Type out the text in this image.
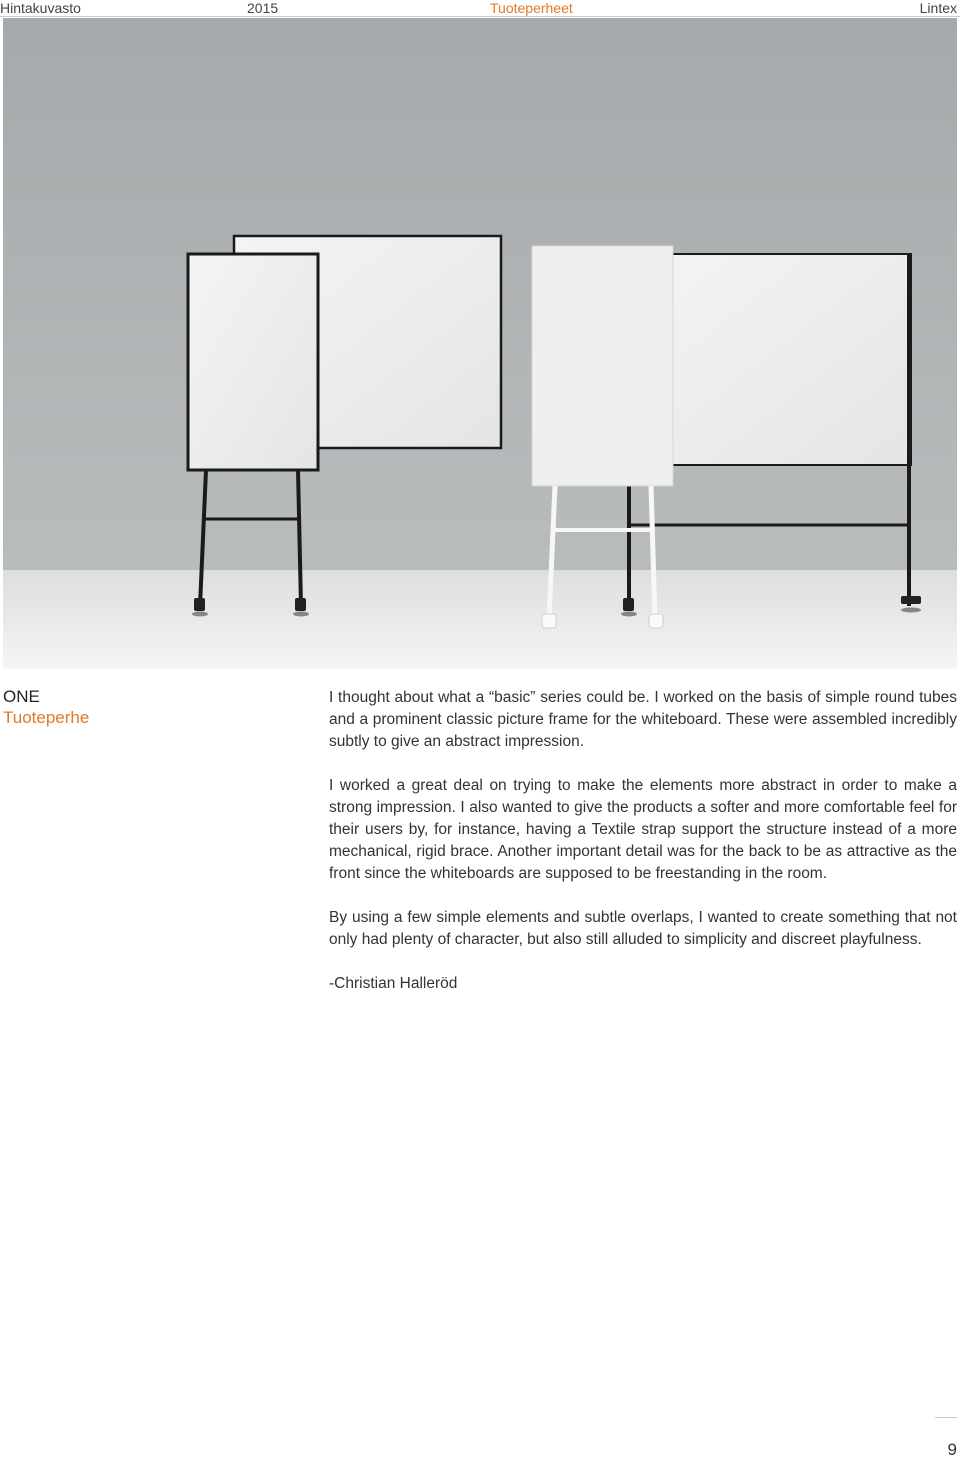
Hintakuvasto	2015	Tuoteperheet	Lintex
ONE
Tuoteperhe

I thought about what a “basic” series could be. I worked on the basis of simple round tubes and a prominent classic picture frame for the whiteboard. These were assembled incredibly subtly to give an abstract impression.

I worked a great deal on trying to make the elements more abstract in order to make a strong impression. I also wanted to give the products a softer and more comfortable feel for their users by, for instance, having a Textile strap support the structure instead of a more mechanical, rigid brace. Another important detail was for the back to be as attractive as the front since the whiteboards are supposed to be freestanding in the room.

By using a few simple elements and subtle overlaps, I wanted to create something that not only had plenty of character, but also still alluded to simplicity and discreet playfulness.

-Christian Halleröd

9
